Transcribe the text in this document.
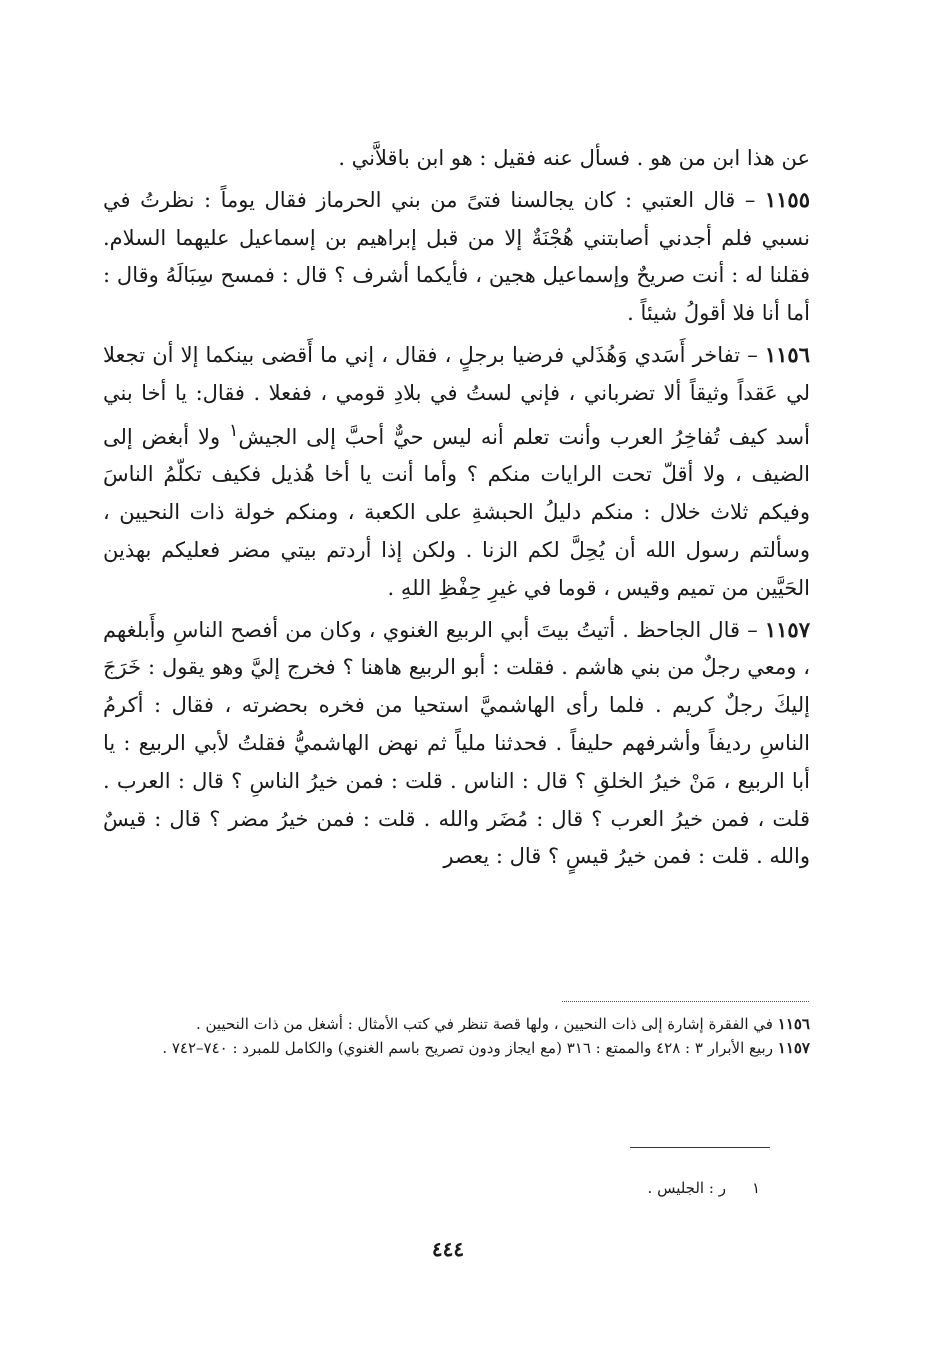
عن هذا ابن من هو . فسأل عنه فقيل : هو ابن باقلاَّني .

١١٥٥ – قال العتبي : كان يجالسنا فتىً من بني الحرماز فقال يوماً : نظرتُ في نسبي فلم أجدني أصابتني هُجْنَةٌ إلا من قبل إبراهيم بن إسماعيل عليهما السلام. فقلنا له : أنت صريحٌ وإسماعيل هجين ، فأيكما أشرف ؟ قال : فمسح سِبَالَهُ وقال : أما أنا فلا أقولُ شيئاً .

١١٥٦ – تفاخر أَسَدي وَهُذَلي فرضيا برجلٍ ، فقال ، إني ما أَقضى بينكما إلا أن تجعلا لي عَقداً وثيقاً ألا تضرباني ، فإني لستُ في بلادِ قومي ، ففعلا . فقال: يا أخا بني أسد كيف تُفاخِرُ العرب وأنت تعلم أنه ليس حيٌّ أحبَّ إلى الجيش$^١$ ولا أبغض إلى الضيف ، ولا أقلّ تحت الرايات منكم ؟ وأما أنت يا أخا هُذيل فكيف تكلّمُ الناسَ وفيكم ثلاث خلال : منكم دليلُ الحبشةِ على الكعبة ، ومنكم خولة ذات النحيين ، وسألتم رسول الله أن يُحِلَّ لكم الزنا . ولكن إذا أردتم بيتي مضر فعليكم بهذين الحَيَّين من تميم وقيس ، قوما في غيرِ حِفْظِ اللهِ .

١١٥٧ – قال الجاحظ . أتيتُ بيتَ أبي الربيع الغنوي ، وكان من أفصح الناسِ وأَبلغهم ، ومعي رجلٌ من بني هاشم . فقلت : أبو الربيع هاهنا ؟ فخرج إليَّ وهو يقول : خَرَجَ إليكَ رجلٌ كريم . فلما رأى الهاشميَّ استحيا من فخره بحضرته ، فقال : أكرمُ الناسِ رديفاً وأشرفهم حليفاً . فحدثنا ملياً ثم نهض الهاشميُّ فقلتُ لأبي الربيع : يا أبا الربيع ، مَنْ خيرُ الخلقِ ؟ قال : الناس . قلت : فمن خيرُ الناسِ ؟ قال : العرب . قلت ، فمن خيرُ العرب ؟ قال : مُضَر والله . قلت : فمن خيرُ مضر ؟ قال : قيسٌ والله . قلت : فمن خيرُ قيسٍ ؟ قال : يعصر

١١٥٦ في الفقرة إشارة إلى ذات النحيين ، ولها قصة تنظر في كتب الأمثال : أشغل من ذات النحيين .

١١٥٧ ربيع الأبرار ٣ : ٤٢٨ والممتع : ٣١٦ (مع ايجاز ودون تصريح باسم الغنوي) والكامل للمبرد : ٧٤٠–٧٤٢ .

١ر : الجليس .
٤٤٤
